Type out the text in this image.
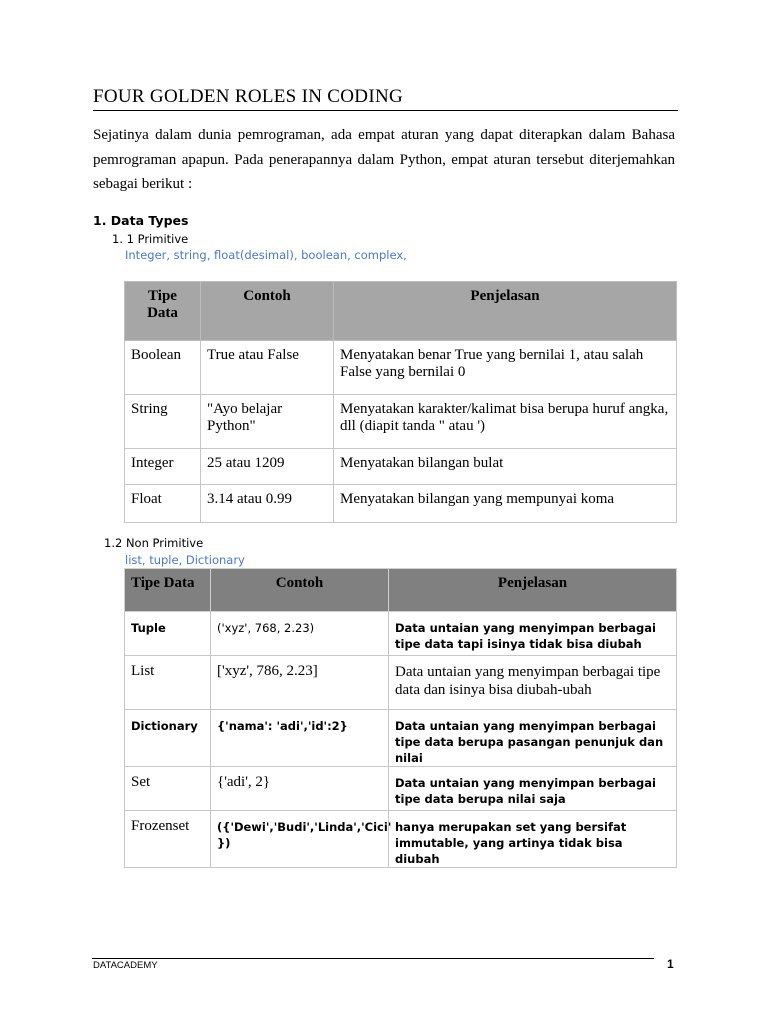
FOUR GOLDEN ROLES IN CODING
Sejatinya dalam dunia pemrograman, ada empat aturan yang dapat diterapkan dalam Bahasa pemrograman apapun. Pada penerapannya dalam Python, empat aturan tersebut diterjemahkan sebagai berikut :
1. Data Types
1. 1 Primitive
Integer, string, float(desimal), boolean, complex,
Tipe Data	Contoh	Penjelasan
Boolean	True atau False	Menyatakan benar True yang bernilai 1, atau salah False yang bernilai 0
String	"Ayo belajar Python"	Menyatakan karakter/kalimat bisa berupa huruf angka, dll (diapit tanda " atau ')
Integer	25 atau 1209	Menyatakan bilangan bulat
Float	3.14 atau 0.99	Menyatakan bilangan yang mempunyai koma
1.2 Non Primitive
list, tuple, Dictionary
Tipe Data	Contoh	Penjelasan
Tuple	('xyz', 768, 2.23)	Data untaian yang menyimpan berbagai tipe data tapi isinya tidak bisa diubah
List	['xyz', 786, 2.23]	Data untaian yang menyimpan berbagai tipe data dan isinya bisa diubah-ubah
Dictionary	{'nama': 'adi','id':2}	Data untaian yang menyimpan berbagai tipe data berupa pasangan penunjuk dan nilai
Set	{'adi', 2}	Data untaian yang menyimpan berbagai tipe data berupa nilai saja
Frozenset	({'Dewi','Budi','Linda','Cici' })	hanya merupakan set yang bersifat immutable, yang artinya tidak bisa diubah
DATACADEMY	1
